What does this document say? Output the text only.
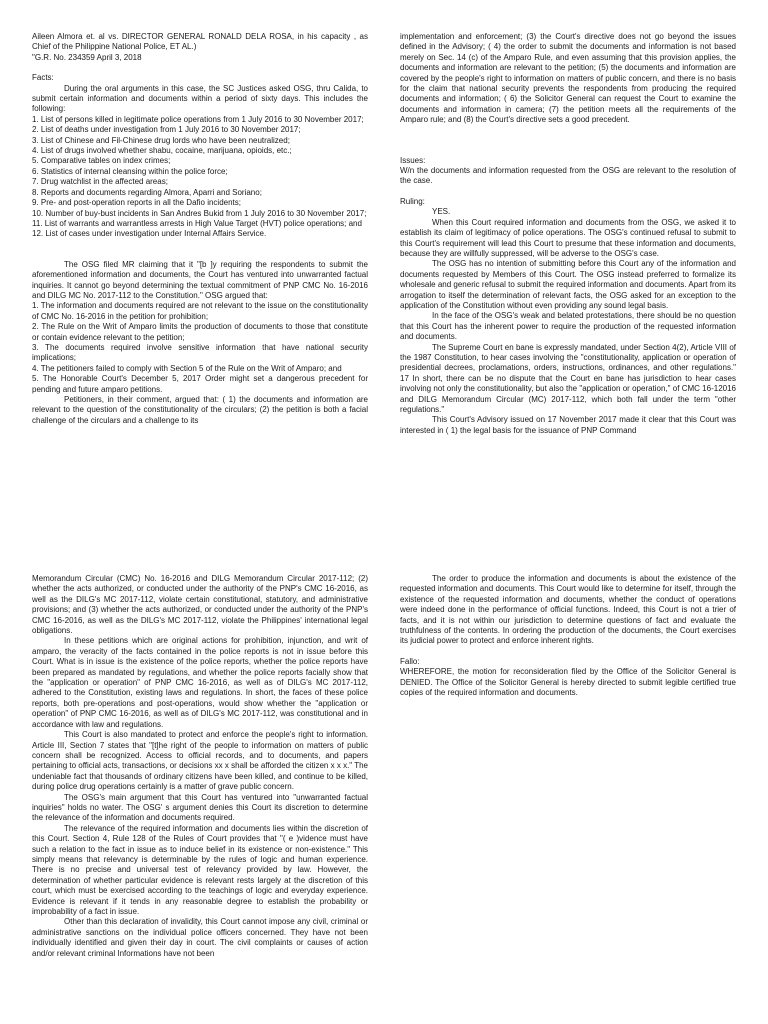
Aileen Almora et. al vs. DIRECTOR GENERAL RONALD DELA ROSA, in his capacity , as Chief of the Philippine National Police, ET AL.)

"G.R. No. 234359 April 3, 2018

Facts:

During the oral arguments in this case, the SC Justices asked OSG, thru Calida, to submit certain information and documents within a period of sixty days. This includes the following:

1. List of persons killed in legitimate police operations from 1 July 2016 to 30 November 2017;

2. List of deaths under investigation from 1 July 2016 to 30 November 2017;

3. List of Chinese and Fil-Chinese drug lords who have been neutralized;

4. List of drugs involved whether shabu, cocaine, marijuana, opioids, etc.;

5. Comparative tables on index crimes;

6. Statistics of internal cleansing within the police force;

7. Drug watchlist in the affected areas;

8. Reports and documents regarding Almora, Aparri and Soriano;

9. Pre- and post-operation reports in all the Dafio incidents;

10. Number of buy-bust incidents in San Andres Bukid from 1 July 2016 to 30 November 2017;

11. List of warrants and warrantless arrests in High Value Target (HVT) police operations; and

12. List of cases under investigation under Internal Affairs Service.

The OSG filed MR claiming that it "[b ]y requiring the respondents to submit the aforementioned information and documents, the Court has ventured into unwarranted factual inquiries. It cannot go beyond determining the textual commitment of PNP CMC No. 16-2016 and DILG MC No. 2017-112 to the Constitution." OSG argued that:

1. The information and documents required are not relevant to the issue on the constitutionality of CMC No. 16-2016 in the petition for prohibition;

2. The Rule on the Writ of Amparo limits the production of documents to those that constitute or contain evidence relevant to the petition;

3. The documents required involve sensitive information that have national security implications;

4. The petitioners failed to comply with Section 5 of the Rule on the Writ of Amparo; and

5. The Honorable Court's December 5, 2017 Order might set a dangerous precedent for pending and future amparo petitions.

Petitioners, in their comment, argued that: ( 1) the documents and information are relevant to the question of the constitutionality of the circulars; (2) the petition is both a facial challenge of the circulars and a challenge to its

implementation and enforcement; (3) the Court's directive does not go beyond the issues defined in the Advisory; ( 4) the order to submit the documents and information is not based merely on Sec. 14 (c) of the Amparo Rule, and even assuming that this provision applies, the documents and information are relevant to the petition; (5) the documents and information are covered by the people's right to information on matters of public concern, and there is no basis for the claim that national security prevents the respondents from producing the required documents and information; ( 6) the Solicitor General can request the Court to examine the documents and information in camera; (7) the petition meets all the requirements of the Amparo rule; and (8) the Court's directive sets a good precedent.

Issues:

W/n the documents and information requested from the OSG are relevant to the resolution of the case.

Ruling:

YES.

When this Court required information and documents from the OSG, we asked it to establish its claim of legitimacy of police operations. The OSG's continued refusal to submit to this Court's requirement will lead this Court to presume that these information and documents, because they are willfully suppressed, will be adverse to the OSG's case.

The OSG has no intention of submitting before this Court any of the information and documents requested by Members of this Court. The OSG instead preferred to formalize its wholesale and generic refusal to submit the required information and documents. Apart from its arrogation to itself the determination of relevant facts, the OSG asked for an exception to the application of the Constitution without even providing any sound legal basis.

In the face of the OSG's weak and belated protestations, there should be no question that this Court has the inherent power to require the production of the requested information and documents.

The Supreme Court en bane is expressly mandated, under Section 4(2), Article VIII of the 1987 Constitution, to hear cases involving the "constitutionality, application or operation of presidential decrees, proclamations, orders, instructions, ordinances, and other regulations." 17 In short, there can be no dispute that the Court en bane has jurisdiction to hear cases involving not only the constitutionality, but also the "application or operation," of CMC 16-12016 and DILG Memorandum Circular (MC) 2017-112, which both fall under the term "other regulations."

This Court's Advisory issued on 17 November 2017 made it clear that this Court was interested in ( 1) the legal basis for the issuance of PNP Command

Memorandum Circular (CMC) No. 16-2016 and DILG Memorandum Circular 2017-112; (2) whether the acts authorized, or conducted under the authority of the PNP's CMC 16-2016, as well as the DILG's MC 2017-112, violate certain constitutional, statutory, and administrative provisions; and (3) whether the acts authorized, or conducted under the authority of the PNP's CMC 16-2016, as well as the DILG's MC 2017-112, violate the Philippines' international legal obligations.

In these petitions which are original actions for prohibition, injunction, and writ of amparo, the veracity of the facts contained in the police reports is not in issue before this Court. What is in issue is the existence of the police reports, whether the police reports have been prepared as mandated by regulations, and whether the police reports facially show that the "application or operation" of PNP CMC 16-2016, as well as of DILG's MC 2017-112, adhered to the Constitution, existing laws and regulations. In short, the faces of these police reports, both pre-operations and post-operations, would show whether the "application or operation" of PNP CMC 16-2016, as well as of DILG's MC 2017-112, was constitutional and in accordance with law and regulations.

This Court is also mandated to protect and enforce the people's right to information. Article III, Section 7 states that "[t]he right of the people to information on matters of public concern shall be recognized. Access to official records, and to documents, and papers pertaining to official acts, transactions, or decisions xx x shall be afforded the citizen x x x." The undeniable fact that thousands of ordinary citizens have been killed, and continue to be killed, during police drug operations certainly is a matter of grave public concern.

The OSG's main argument that this Court has ventured into "unwarranted factual inquiries" holds no water. The OSG' s argument denies this Court its discretion to determine the relevance of the information and documents required.

The relevance of the required information and documents lies within the discretion of this Court. Section 4, Rule 128 of the Rules of Court provides that "( e )vidence must have such a relation to the fact in issue as to induce belief in its existence or non-existence." This simply means that relevancy is determinable by the rules of logic and human experience. There is no precise and universal test of relevancy provided by law. However, the determination of whether particular evidence is relevant rests largely at the discretion of this court, which must be exercised according to the teachings of logic and everyday experience. Evidence is relevant if it tends in any reasonable degree to establish the probability or improbability of a fact in issue.

Other than this declaration of invalidity, this Court cannot impose any civil, criminal or administrative sanctions on the individual police officers concerned. They have not been individually identified and given their day in court. The civil complaints or causes of action and/or relevant criminal Informations have not been

The order to produce the information and documents is about the existence of the requested information and documents. This Court would like to determine for itself, through the existence of the requested information and documents, whether the conduct of operations were indeed done in the performance of official functions. Indeed, this Court is not a trier of facts, and it is not within our jurisdiction to determine questions of fact and evaluate the truthfulness of the contents. In ordering the production of the documents, the Court exercises its judicial power to protect and enforce inherent rights.

Fallo:

WHEREFORE, the motion for reconsideration filed by the Office of the Solicitor General is DENIED. The Office of the Solicitor General is hereby directed to submit legible certified true copies of the required information and documents.
